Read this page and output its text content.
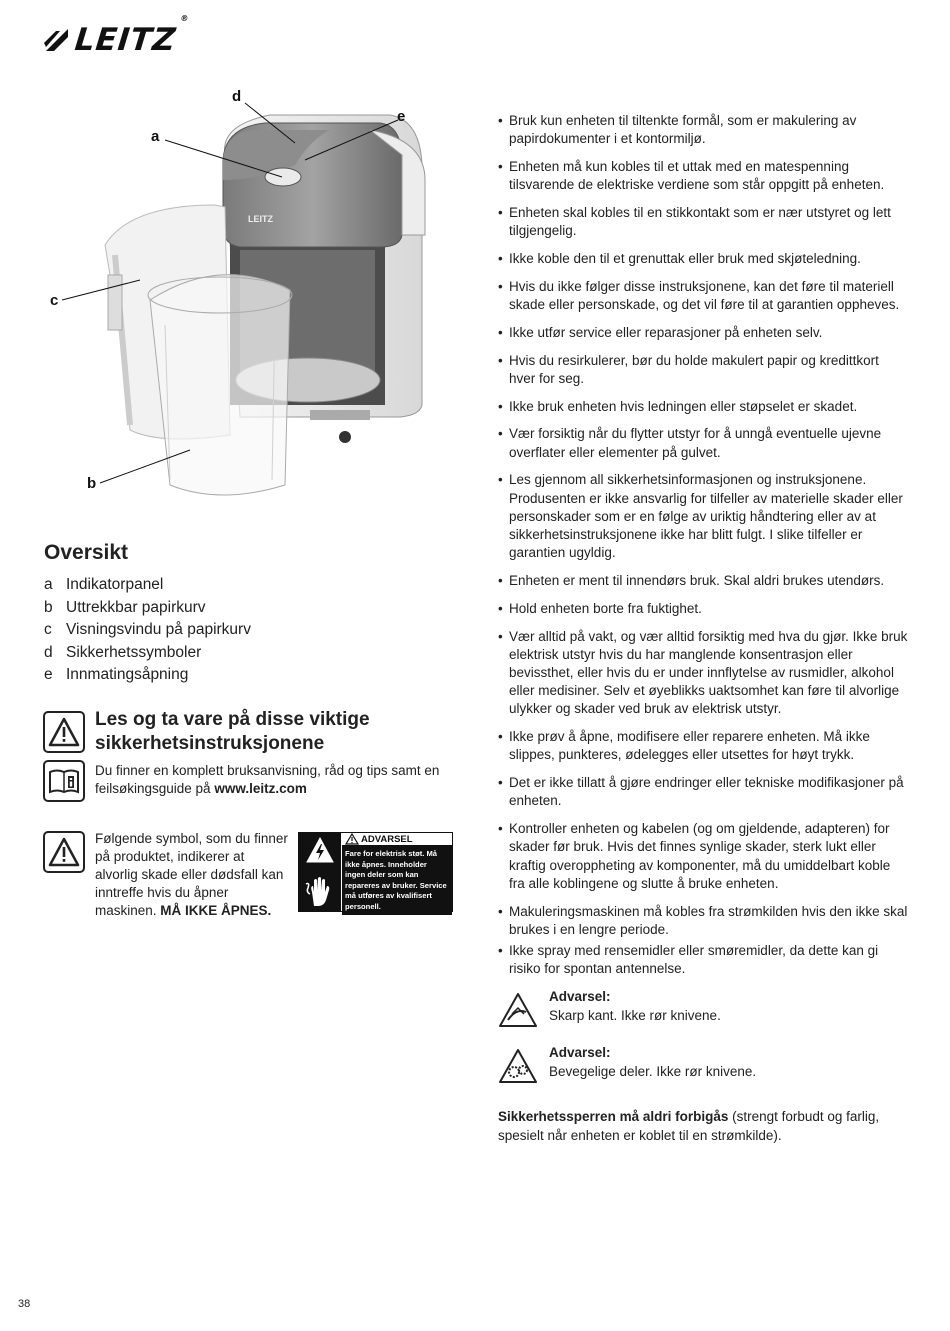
LEITZ®
LEITZ
a
b
c
d
e
Oversikt
a Indikatorpanel
b Uttrekkbar papirkurv
c Visningsvindu på papirkurv
d Sikkerhetssymboler
e Innmatingsåpning
Les og ta vare på disse viktige sikkerhetsinstruksjonene

Du finner en komplett bruksanvisning, råd og tips samt en feilsøkingsguide på www.leitz.com

Følgende symbol, som du finner på produktet, indikerer at alvorlig skade eller dødsfall kan inntreffe hvis du åpner maskinen. MÅ IKKE ÅPNES.

ADVARSEL
Fare for elektrisk støt. Må ikke åpnes. Inneholder ingen deler som kan repareres av bruker. Service må utføres av kvalifisert personell.
• Bruk kun enheten til tiltenkte formål, som er makulering av papirdokumenter i et kontormiljø.
• Enheten må kun kobles til et uttak med en matespenning tilsvarende de elektriske verdiene som står oppgitt på enheten.
• Enheten skal kobles til en stikkontakt som er nær utstyret og lett tilgjengelig.
• Ikke koble den til et grenuttak eller bruk med skjøteledning.
• Hvis du ikke følger disse instruksjonene, kan det føre til materiell skade eller personskade, og det vil føre til at garantien oppheves.
• Ikke utfør service eller reparasjoner på enheten selv.
• Hvis du resirkulerer, bør du holde makulert papir og kredittkort hver for seg.
• Ikke bruk enheten hvis ledningen eller støpselet er skadet.
• Vær forsiktig når du flytter utstyr for å unngå eventuelle ujevne overflater eller elementer på gulvet.
• Les gjennom all sikkerhetsinformasjonen og instruksjonene. Produsenten er ikke ansvarlig for tilfeller av materielle skader eller personskader som er en følge av uriktig håndtering eller av at sikkerhetsinstruksjonene ikke har blitt fulgt. I slike tilfeller er garantien ugyldig.
• Enheten er ment til innendørs bruk. Skal aldri brukes utendørs.
• Hold enheten borte fra fuktighet.
• Vær alltid på vakt, og vær alltid forsiktig med hva du gjør. Ikke bruk elektrisk utstyr hvis du har manglende konsentrasjon eller bevissthet, eller hvis du er under innflytelse av rusmidler, alkohol eller medisiner. Selv et øyeblikks uaktsomhet kan føre til alvorlige ulykker og skader ved bruk av elektrisk utstyr.
• Ikke prøv å åpne, modifisere eller reparere enheten. Må ikke slippes, punkteres, ødelegges eller utsettes for høyt trykk.
• Det er ikke tillatt å gjøre endringer eller tekniske modifikasjoner på enheten.
• Kontroller enheten og kabelen (og om gjeldende, adapteren) for skader før bruk. Hvis det finnes synlige skader, sterk lukt eller kraftig overoppheting av komponenter, må du umiddelbart koble fra alle koblingene og slutte å bruke enheten.
• Makuleringsmaskinen må kobles fra strømkilden hvis den ikke skal brukes i en lengre periode.
• Ikke spray med rensemidler eller smøremidler, da dette kan gi risiko for spontan antennelse.
Advarsel:
Skarp kant. Ikke rør knivene.
Advarsel:
Bevegelige deler. Ikke rør knivene.

Sikkerhetssperren må aldri forbigås (strengt forbudt og farlig, spesielt når enheten er koblet til en strømkilde).

38
